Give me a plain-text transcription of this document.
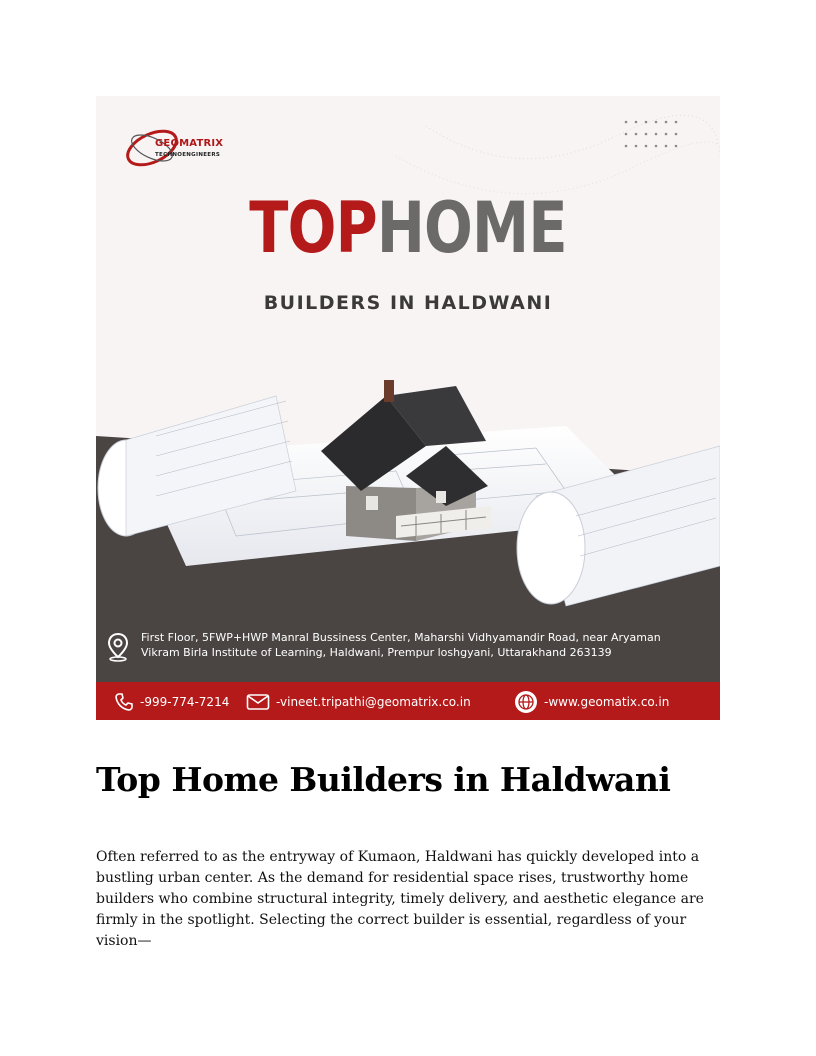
GEOMATRIX
TECHNOENGINEERS
TOPHOME
BUILDERS IN HALDWANI
First Floor, 5FWP+HWP Manral Bussiness Center, Maharshi Vidhyamandir Road, near Aryaman Vikram Birla Institute of Learning, Haldwani, Prempur loshgyani, Uttarakhand 263139
-999-774-7214	-vineet.tripathi@geomatrix.co.in	-www.geomatix.co.in
Top Home Builders in Haldwani

Often referred to as the entryway of Kumaon, Haldwani has quickly developed into a bustling urban center. As the demand for residential space rises, trustworthy home builders who combine structural integrity, timely delivery, and aesthetic elegance are firmly in the spotlight. Selecting the correct builder is essential, regardless of your vision—
